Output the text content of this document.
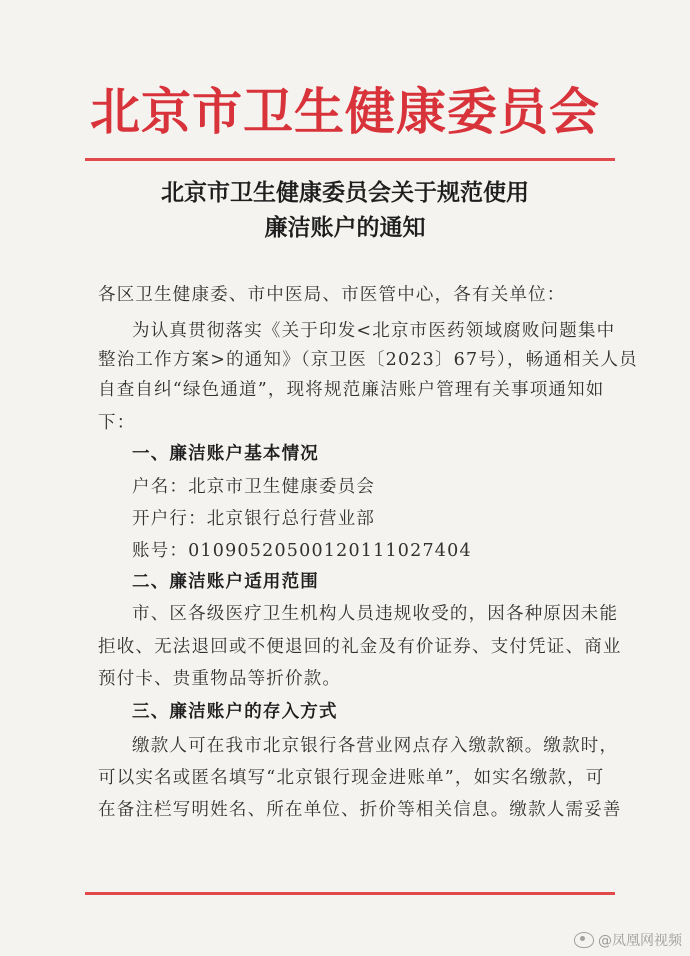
北京市卫生健康委员会
北京市卫生健康委员会关于规范使用
廉洁账户的通知
各区卫生健康委、市中医局、市医管中心，各有关单位：
为认真贯彻落实《关于印发<北京市医药领域腐败问题集中
整治工作方案>的通知》（京卫医〔2023〕67号），畅通相关人员
自查自纠“绿色通道”，现将规范廉洁账户管理有关事项通知如
下：
一、廉洁账户基本情况
户名：北京市卫生健康委员会
开户行：北京银行总行营业部
账号：01090520500120111027404
二、廉洁账户适用范围
市、区各级医疗卫生机构人员违规收受的，因各种原因未能
拒收、无法退回或不便退回的礼金及有价证券、支付凭证、商业
预付卡、贵重物品等折价款。
三、廉洁账户的存入方式
缴款人可在我市北京银行各营业网点存入缴款额。缴款时，
可以实名或匿名填写“北京银行现金进账单”，如实名缴款，可
在备注栏写明姓名、所在单位、折价等相关信息。缴款人需妥善
@凤凰网视频
